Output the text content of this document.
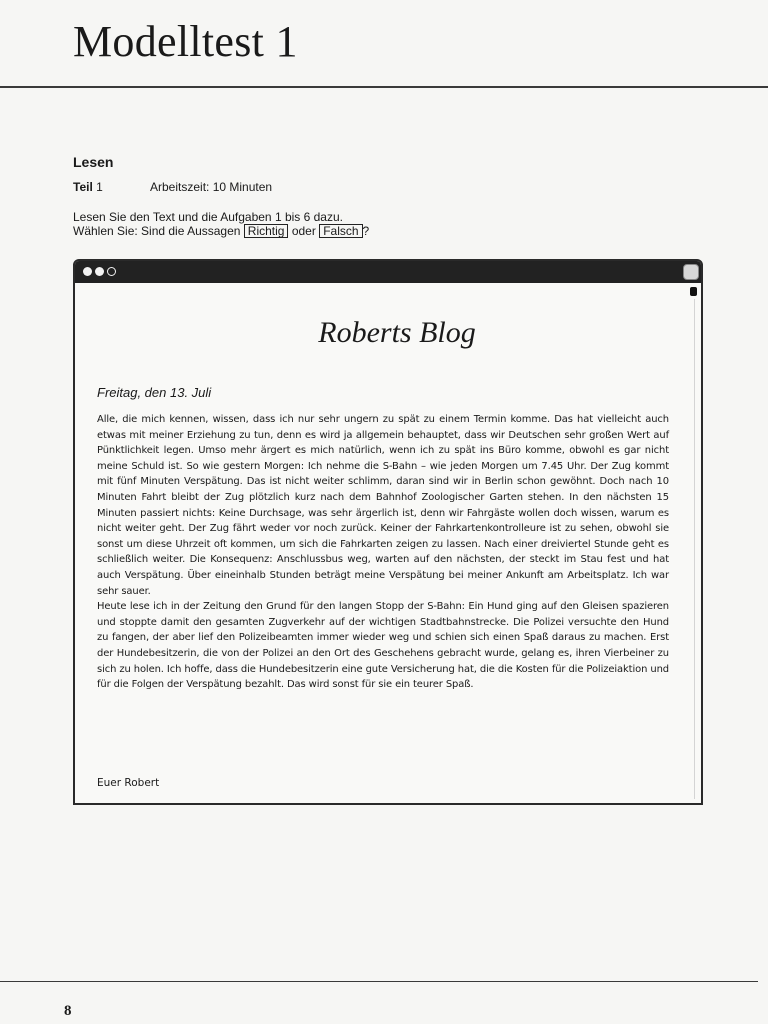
Modelltest 1
Lesen
Teil 1	Arbeitszeit: 10 Minuten

Lesen Sie den Text und die Aufgaben 1 bis 6 dazu.

Wählen Sie: Sind die Aussagen Richtig oder Falsch ?

Roberts Blog

Freitag, den 13. Juli

Alle, die mich kennen, wissen, dass ich nur sehr ungern zu spät zu einem Termin komme. Das hat vielleicht auch etwas mit meiner Erziehung zu tun, denn es wird ja allgemein behauptet, dass wir Deutschen sehr großen Wert auf Pünktlichkeit legen. Umso mehr ärgert es mich natürlich, wenn ich zu spät ins Büro komme, obwohl es gar nicht meine Schuld ist. So wie gestern Morgen: Ich nehme die S-Bahn – wie jeden Morgen um 7.45 Uhr. Der Zug kommt mit fünf Minuten Verspätung. Das ist nicht weiter schlimm, daran sind wir in Berlin schon gewöhnt. Doch nach 10 Minuten Fahrt bleibt der Zug plötzlich kurz nach dem Bahnhof Zoologischer Garten stehen. In den nächsten 15 Minuten passiert nichts: Keine Durchsage, was sehr ärgerlich ist, denn wir Fahrgäste wollen doch wissen, warum es nicht weiter geht. Der Zug fährt weder vor noch zurück. Keiner der Fahrkartenkontrolleure ist zu sehen, obwohl sie sonst um diese Uhrzeit oft kommen, um sich die Fahrkarten zeigen zu lassen. Nach einer dreiviertel Stunde geht es schließlich weiter. Die Konsequenz: Anschlussbus weg, warten auf den nächsten, der steckt im Stau fest und hat auch Verspätung. Über eineinhalb Stunden beträgt meine Verspätung bei meiner Ankunft am Arbeitsplatz. Ich war sehr sauer.

Heute lese ich in der Zeitung den Grund für den langen Stopp der S-Bahn: Ein Hund ging auf den Gleisen spazieren und stoppte damit den gesamten Zugverkehr auf der wichtigen Stadtbahnstrecke. Die Polizei versuchte den Hund zu fangen, der aber lief den Polizeibeamten immer wieder weg und schien sich einen Spaß daraus zu machen. Erst der Hundebesitzerin, die von der Polizei an den Ort des Geschehens gebracht wurde, gelang es, ihren Vierbeiner zu sich zu holen. Ich hoffe, dass die Hundebesitzerin eine gute Versicherung hat, die die Kosten für die Polizeiaktion und für die Folgen der Verspätung bezahlt. Das wird sonst für sie ein teurer Spaß.

Euer Robert
8
